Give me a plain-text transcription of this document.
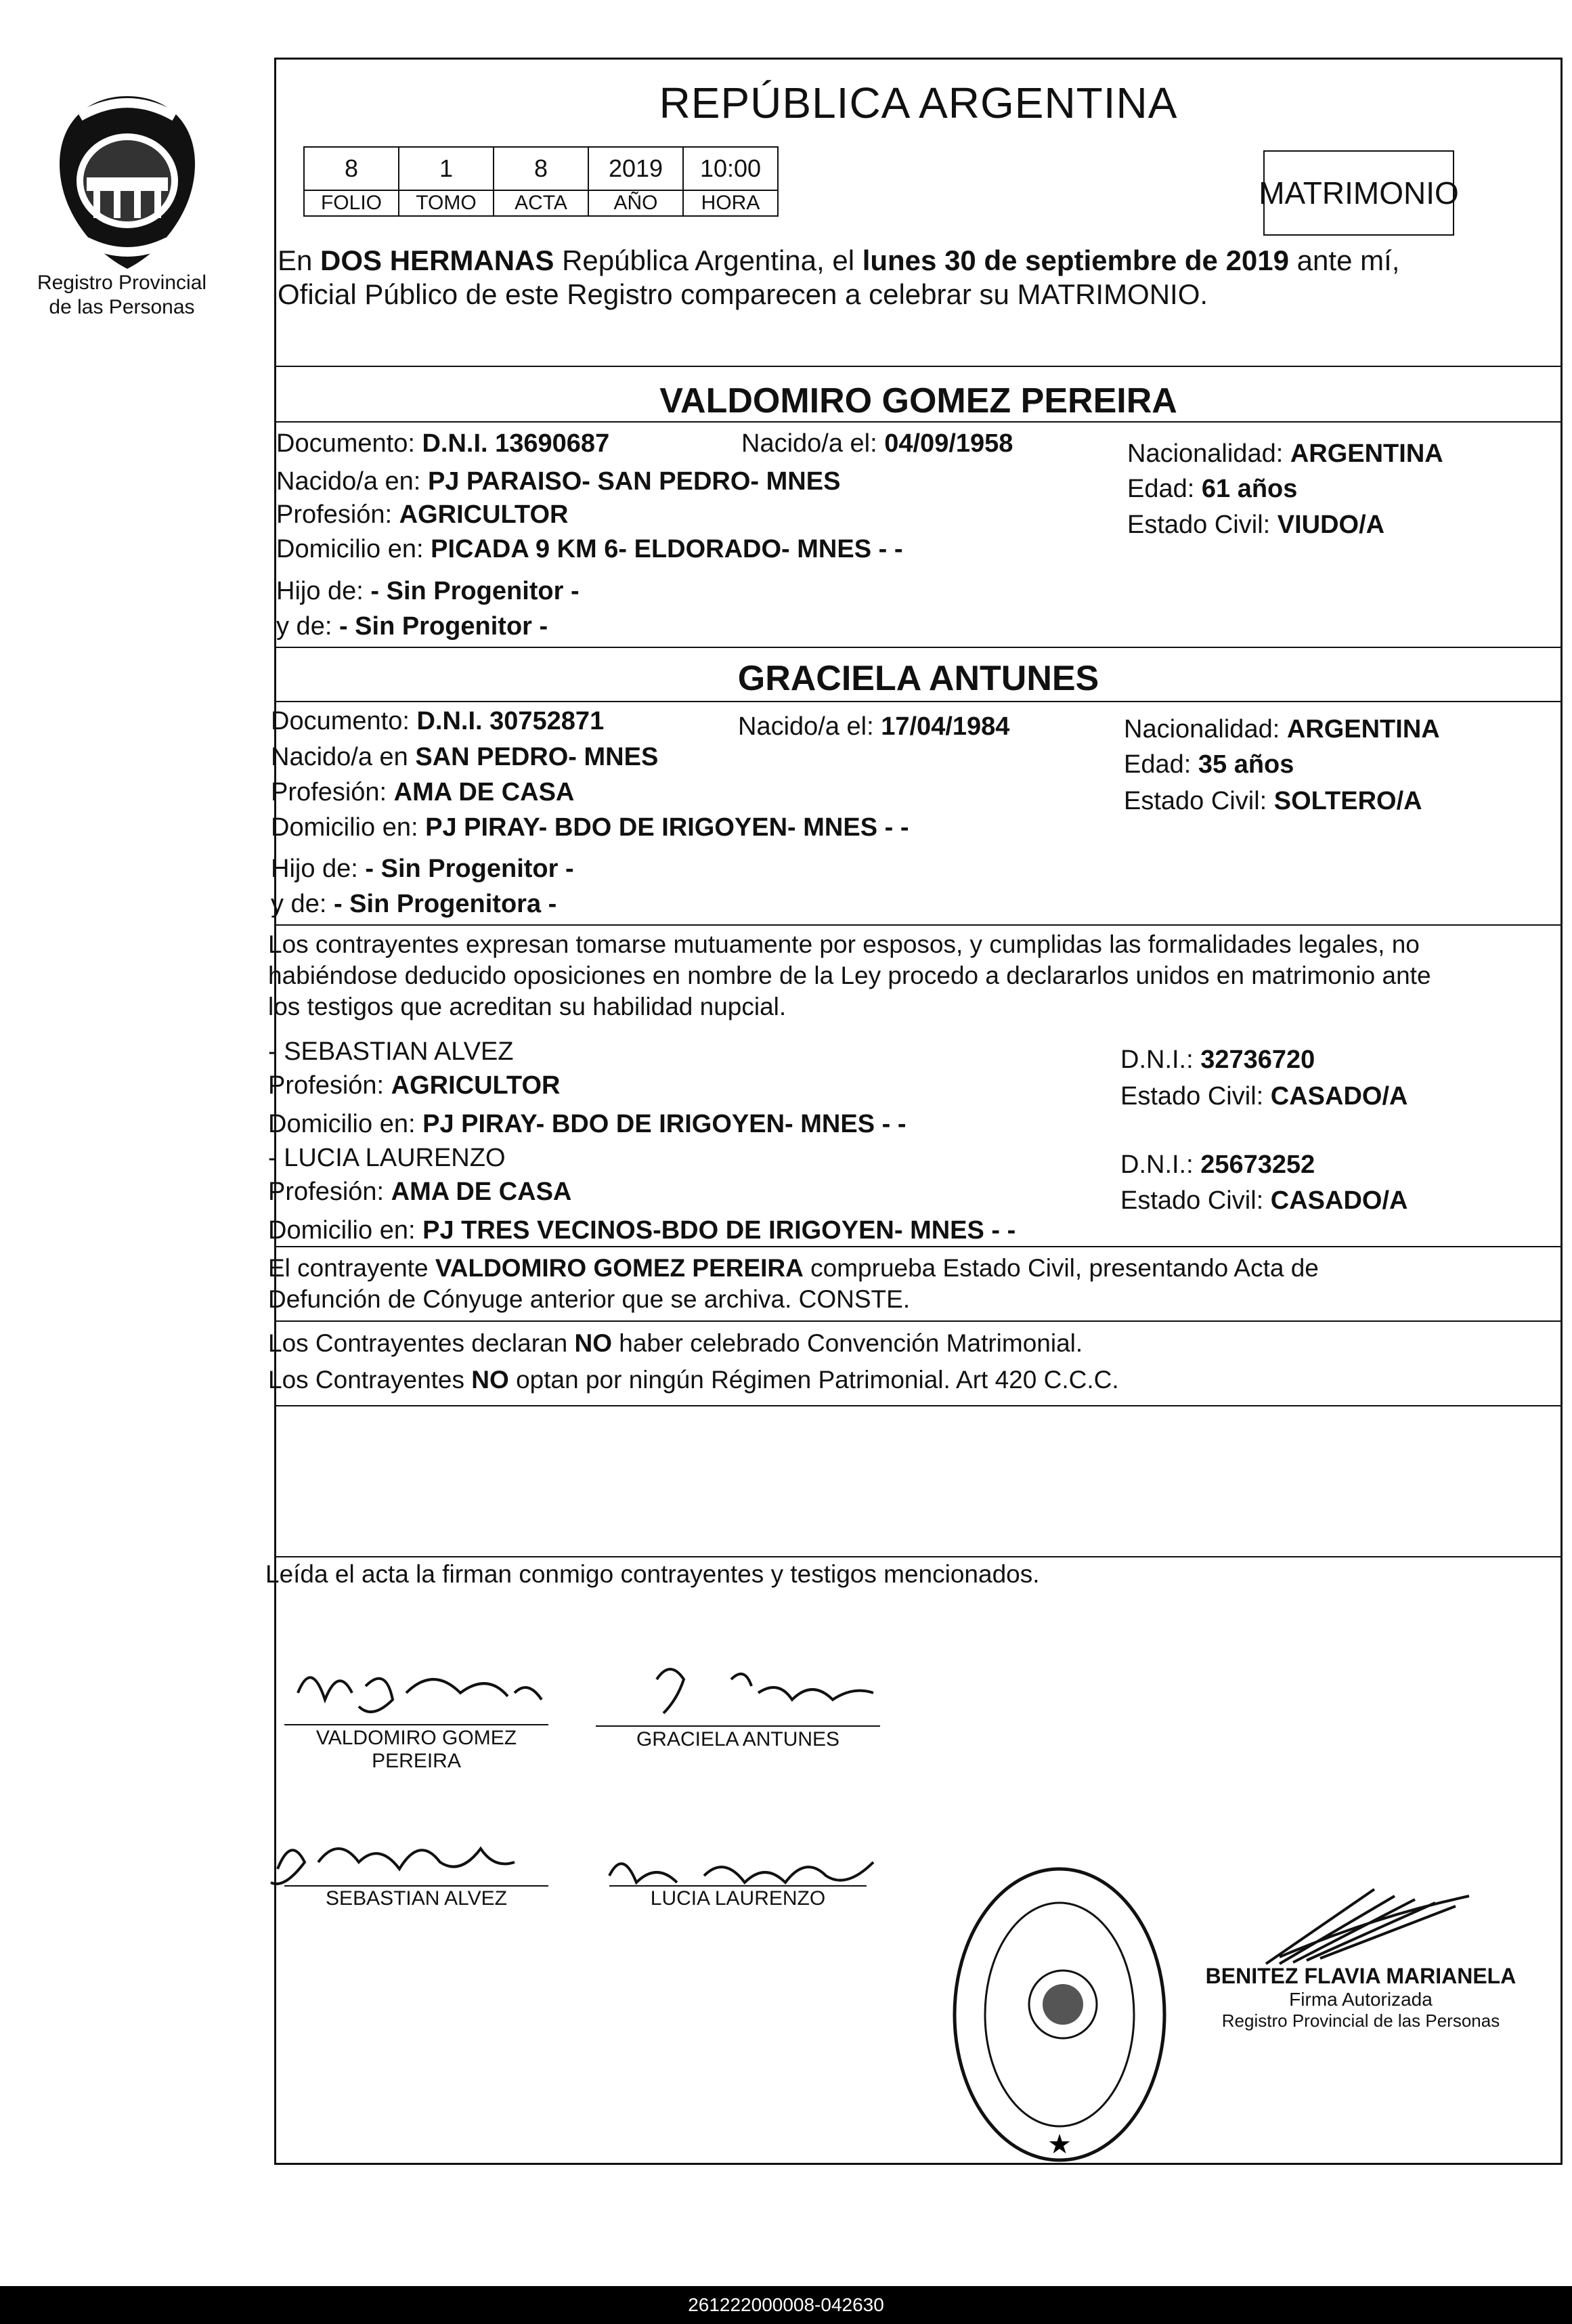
Registro Provincial
de las Personas
REPÚBLICA ARGENTINA
8	1	8	2019	10:00
FOLIO	TOMO	ACTA	AÑO	HORA	MATRIMONIO
En DOS HERMANAS República Argentina, el lunes 30 de septiembre de 2019 ante mí,
Oficial Público de este Registro comparecen a celebrar su MATRIMONIO.
VALDOMIRO GOMEZ PEREIRA
Documento: D.N.I. 13690687	Nacido/a el: 04/09/1958	Nacionalidad: ARGENTINA
Nacido/a en: PJ PARAISO- SAN PEDRO- MNES	Edad: 61 años
Profesión: AGRICULTOR	Estado Civil: VIUDO/A
Domicilio en: PICADA 9 KM 6- ELDORADO- MNES - -
Hijo de: - Sin Progenitor -
y de: - Sin Progenitor -
GRACIELA ANTUNES
Documento: D.N.I. 30752871	Nacido/a el: 17/04/1984	Nacionalidad: ARGENTINA
Nacido/a en SAN PEDRO- MNES	Edad: 35 años
Profesión: AMA DE CASA	Estado Civil: SOLTERO/A
Domicilio en: PJ PIRAY- BDO DE IRIGOYEN- MNES - -
Hijo de: - Sin Progenitor -
y de: - Sin Progenitora -
Los contrayentes expresan tomarse mutuamente por esposos, y cumplidas las formalidades legales, no
habiéndose deducido oposiciones en nombre de la Ley procedo a declararlos unidos en matrimonio ante
los testigos que acreditan su habilidad nupcial.
- SEBASTIAN ALVEZ
Profesión: AGRICULTOR
Domicilio en: PJ PIRAY- BDO DE IRIGOYEN- MNES - -
D.N.I.: 32736720
Estado Civil: CASADO/A
- LUCIA LAURENZO
Profesión: AMA DE CASA
Domicilio en: PJ TRES VECINOS-BDO DE IRIGOYEN- MNES - -
D.N.I.: 25673252
Estado Civil: CASADO/A
El contrayente VALDOMIRO GOMEZ PEREIRA comprueba Estado Civil, presentando Acta de
Defunción de Cónyuge anterior que se archiva. CONSTE.
Los Contrayentes declaran NO haber celebrado Convención Matrimonial.
Los Contrayentes NO optan por ningún Régimen Patrimonial. Art 420 C.C.C.
Leída el acta la firman conmigo contrayentes y testigos mencionados.
VALDOMIRO GOMEZ
PEREIRA
GRACIELA ANTUNES
SEBASTIAN ALVEZ	LUCIA LAURENZO
★
BENITEZ FLAVIA MARIANELA
Firma Autorizada
Registro Provincial de las Personas
261222000008-042630
